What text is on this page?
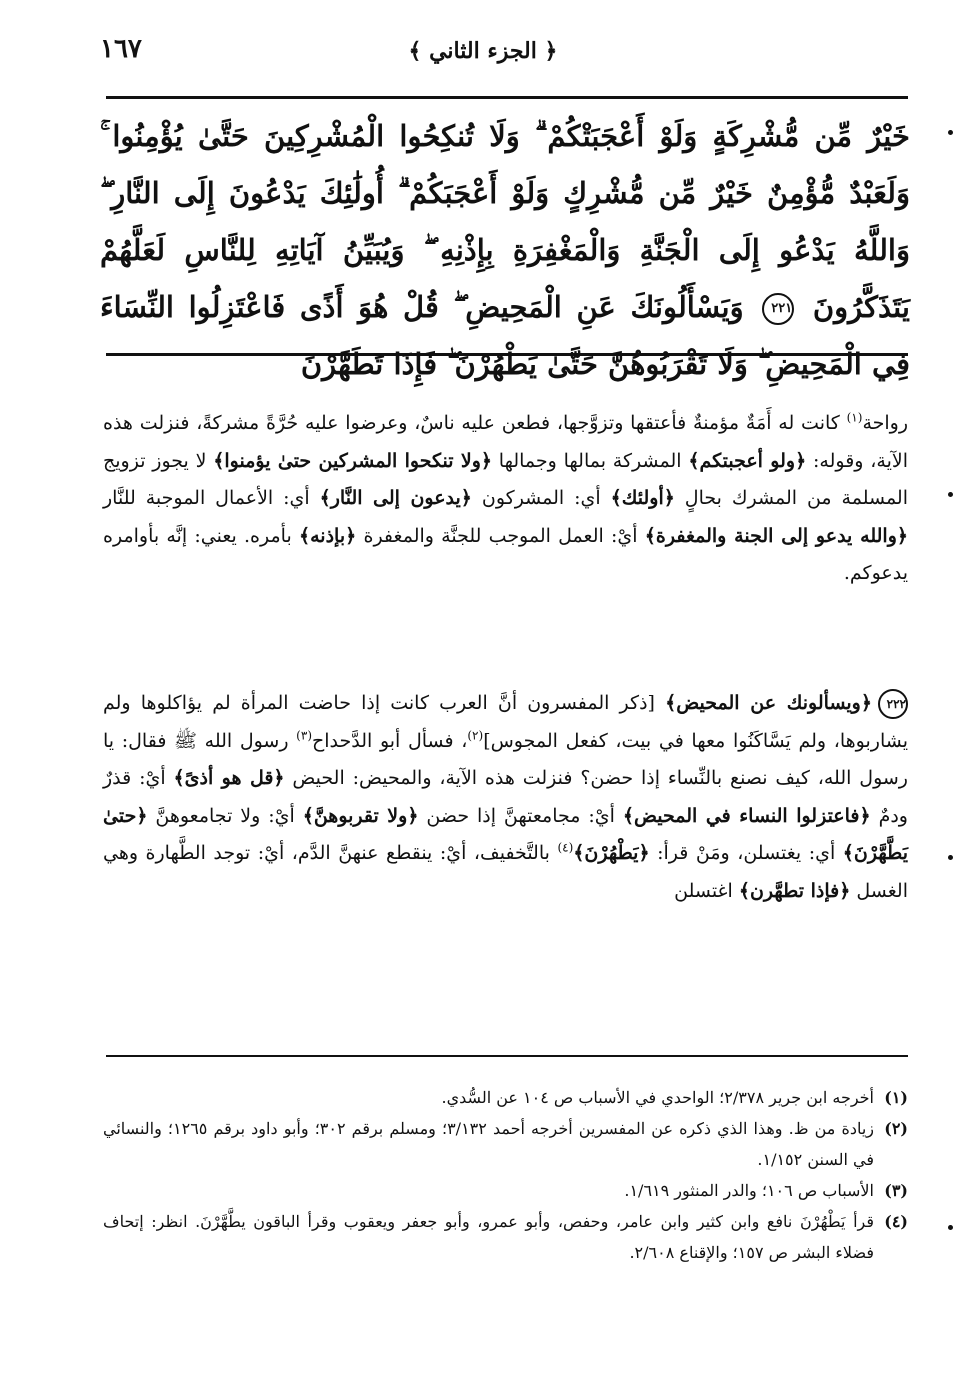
﴿ الجزء الثاني ﴾
١٦٧
خَيْرٌ مِّن مُّشْرِكَةٍ وَلَوْ أَعْجَبَتْكُمْ ۗ وَلَا تُنكِحُوا الْمُشْرِكِينَ حَتَّىٰ يُؤْمِنُوا ۚ وَلَعَبْدٌ مُّؤْمِنٌ خَيْرٌ مِّن مُّشْرِكٍ وَلَوْ أَعْجَبَكُمْ ۗ أُولَٰئِكَ يَدْعُونَ إِلَى النَّارِ ۖ وَاللَّهُ يَدْعُو إِلَى الْجَنَّةِ وَالْمَغْفِرَةِ بِإِذْنِهِ ۖ وَيُبَيِّنُ آيَاتِهِ لِلنَّاسِ لَعَلَّهُمْ يَتَذَكَّرُونَ ٢٢١ وَيَسْأَلُونَكَ عَنِ الْمَحِيضِ ۖ قُلْ هُوَ أَذًى فَاعْتَزِلُوا النِّسَاءَ فِي الْمَحِيضِ ۖ وَلَا تَقْرَبُوهُنَّ حَتَّىٰ يَطْهُرْنَ ۖ فَإِذَا تَطَهَّرْنَ
رواحة$^{(١)}$ كانت له أَمَةٌ مؤمنةٌ فأعتقها وتزوَّجها، فطعن عليه ناسٌ، وعرضوا عليه حُرَّةً مشركةً، فنزلت هذه الآية، وقوله: ﴿ولو أعجبتكم﴾ المشركة بمالها وجمالها ﴿ولا تنكحوا المشركين حتىٰ يؤمنوا﴾ لا يجوز تزويج المسلمة من المشرك بحالٍ ﴿أولئك﴾ أي: المشركون ﴿يدعون إلى النَّار﴾ أي: الأعمال الموجبة للنَّار ﴿والله يدعو إلى الجنة والمغفرة﴾ أيْ: العمل الموجب للجنَّة والمغفرة ﴿بإذنه﴾ بأمره. يعني: إنَّه بأوامره يدعوكم.
٢٢٢﴿ويسألونك عن المحيض﴾ [ذكر المفسرون أنَّ العرب كانت إذا حاضت المرأة لم يؤاكلوها ولم يشاربوها، ولم يَسَّاكَنُوا معها في بيت، كفعل المجوس]$^{(٢)}$، فسأل أبو الدَّحداح$^{(٣)}$ رسول الله ﷺ فقال: يا رسول الله، كيف نصنع بالنِّساء إذا حضن؟ فنزلت هذه الآية، والمحيض: الحيض ﴿قل هو أذىً﴾ أيْ: قذرٌ ودمٌ ﴿فاعتزلوا النساء في المحيض﴾ أيْ: مجامعتهنَّ إذا حضن ﴿ولا تقربوهنَّ﴾ أيْ: ولا تجامعوهنَّ ﴿حتىٰ يَطَّهَّرْنَ﴾ أي: يغتسلن، ومَنْ قرأ: ﴿يَطْهُرْنَ﴾$^{(٤)}$ بالتَّخفيف، أيْ: ينقطع عنهنَّ الدَّم، أيْ: توجد الطَّهارة وهي الغسل ﴿فإذا تطهَّرن﴾ اغتسلن
(١)
أخرجه ابن جرير ٢/٣٧٨؛ الواحدي في الأسباب ص ١٠٤ عن السُّدي.
(٢)
زيادة من ظ. وهذا الذي ذكره عن المفسرين أخرجه أحمد ٣/١٣٢؛ ومسلم برقم ٣٠٢؛ وأبو داود برقم ١٢٦٥؛ والنسائي في السنن ١/١٥٢.
(٣)
الأسباب ص ١٠٦؛ والدر المنثور ١/٦١٩.
(٤)
قرأ يَطْهُرْنَ نافع وابن كثير وابن عامر، وحفص، وأبو عمرو، وأبو جعفر ويعقوب وقرأ الباقون يطَّهَّرْنَ. انظر: إتحاف فضلاء البشر ص ١٥٧؛ والإقناع ٢/٦٠٨.
